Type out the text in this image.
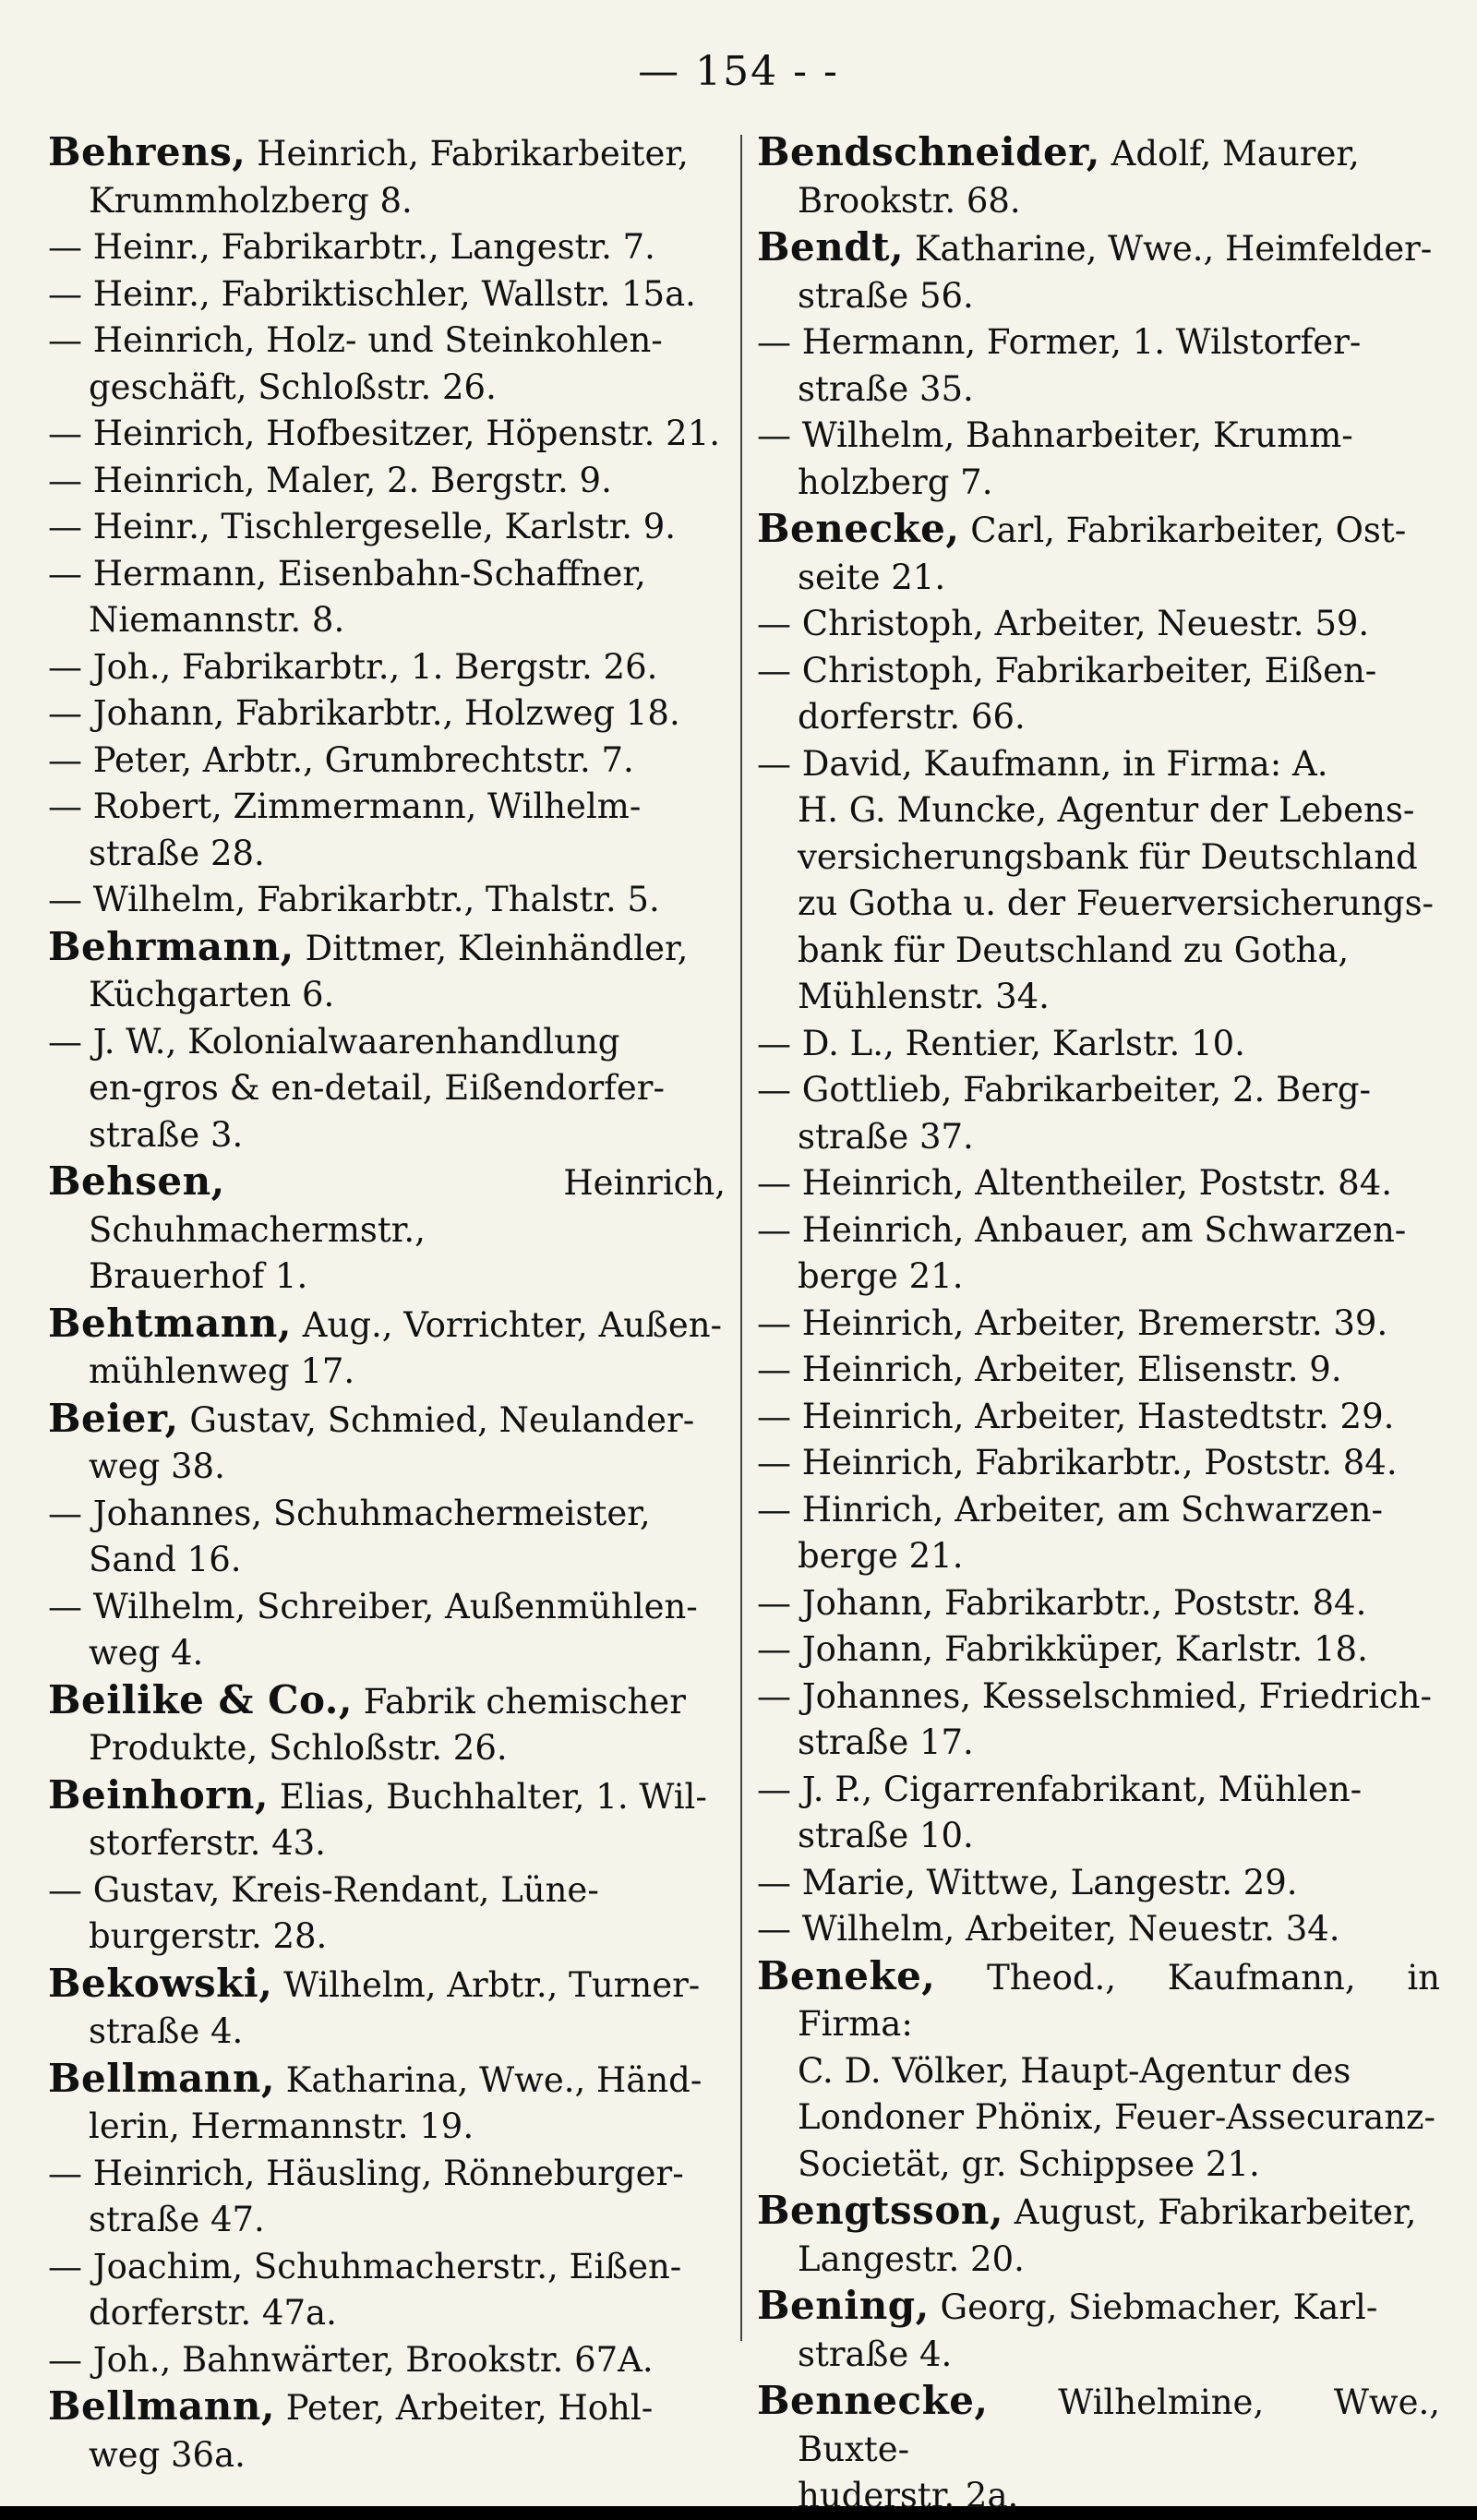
— 154 - -

Behrens, Heinrich, Fabrikarbeiter,

Krummholzberg 8.

— Heinr., Fabrikarbtr., Langestr. 7.

— Heinr., Fabriktischler, Wallstr. 15a.

— Heinrich, Holz- und Steinkohlen-

geschäft, Schloßstr. 26.

— Heinrich, Hofbesitzer, Höpenstr. 21.

— Heinrich, Maler, 2. Bergstr. 9.

— Heinr., Tischlergeselle, Karlstr. 9.

— Hermann, Eisenbahn-Schaffner,

Niemannstr. 8.

— Joh., Fabrikarbtr., 1. Bergstr. 26.

— Johann, Fabrikarbtr., Holzweg 18.

— Peter, Arbtr., Grumbrechtstr. 7.

— Robert, Zimmermann, Wilhelm-

straße 28.

— Wilhelm, Fabrikarbtr., Thalstr. 5.

Behrmann, Dittmer, Kleinhändler,

Küchgarten 6.

— J. W., Kolonialwaarenhandlung

en-gros & en-detail, Eißendorfer-

straße 3.

Behsen, Heinrich, Schuhmachermstr.,

Brauerhof 1.

Behtmann, Aug., Vorrichter, Außen-

mühlenweg 17.

Beier, Gustav, Schmied, Neulander-

weg 38.

— Johannes, Schuhmachermeister,

Sand 16.

— Wilhelm, Schreiber, Außenmühlen-

weg 4.

Beilike & Co., Fabrik chemischer

Produkte, Schloßstr. 26.

Beinhorn, Elias, Buchhalter, 1. Wil-

storferstr. 43.

— Gustav, Kreis-Rendant, Lüne-

burgerstr. 28.

Bekowski, Wilhelm, Arbtr., Turner-

straße 4.

Bellmann, Katharina, Wwe., Händ-

lerin, Hermannstr. 19.

— Heinrich, Häusling, Rönneburger-

straße 47.

— Joachim, Schuhmacherstr., Eißen-

dorferstr. 47a.

— Joh., Bahnwärter, Brookstr. 67A.

Bellmann, Peter, Arbeiter, Hohl-

weg 36a.

Bendschneider, Adolf, Maurer,

Brookstr. 68.

Bendt, Katharine, Wwe., Heimfelder-

straße 56.

— Hermann, Former, 1. Wilstorfer-

straße 35.

— Wilhelm, Bahnarbeiter, Krumm-

holzberg 7.

Benecke, Carl, Fabrikarbeiter, Ost-

seite 21.

— Christoph, Arbeiter, Neuestr. 59.

— Christoph, Fabrikarbeiter, Eißen-

dorferstr. 66.

— David, Kaufmann, in Firma: A.

H. G. Muncke, Agentur der Lebens-

versicherungsbank für Deutschland

zu Gotha u. der Feuerversicherungs-

bank für Deutschland zu Gotha,

Mühlenstr. 34.

— D. L., Rentier, Karlstr. 10.

— Gottlieb, Fabrikarbeiter, 2. Berg-

straße 37.

— Heinrich, Altentheiler, Poststr. 84.

— Heinrich, Anbauer, am Schwarzen-

berge 21.

— Heinrich, Arbeiter, Bremerstr. 39.

— Heinrich, Arbeiter, Elisenstr. 9.

— Heinrich, Arbeiter, Hastedtstr. 29.

— Heinrich, Fabrikarbtr., Poststr. 84.

— Hinrich, Arbeiter, am Schwarzen-

berge 21.

— Johann, Fabrikarbtr., Poststr. 84.

— Johann, Fabrikküper, Karlstr. 18.

— Johannes, Kesselschmied, Friedrich-

straße 17.

— J. P., Cigarrenfabrikant, Mühlen-

straße 10.

— Marie, Wittwe, Langestr. 29.

— Wilhelm, Arbeiter, Neuestr. 34.

Beneke, Theod., Kaufmann, in Firma:

C. D. Völker, Haupt-Agentur des

Londoner Phönix, Feuer-Assecuranz-

Societät, gr. Schippsee 21.

Bengtsson, August, Fabrikarbeiter,

Langestr. 20.

Bening, Georg, Siebmacher, Karl-

straße 4.

Bennecke, Wilhelmine, Wwe., Buxte-

huderstr. 2a.
